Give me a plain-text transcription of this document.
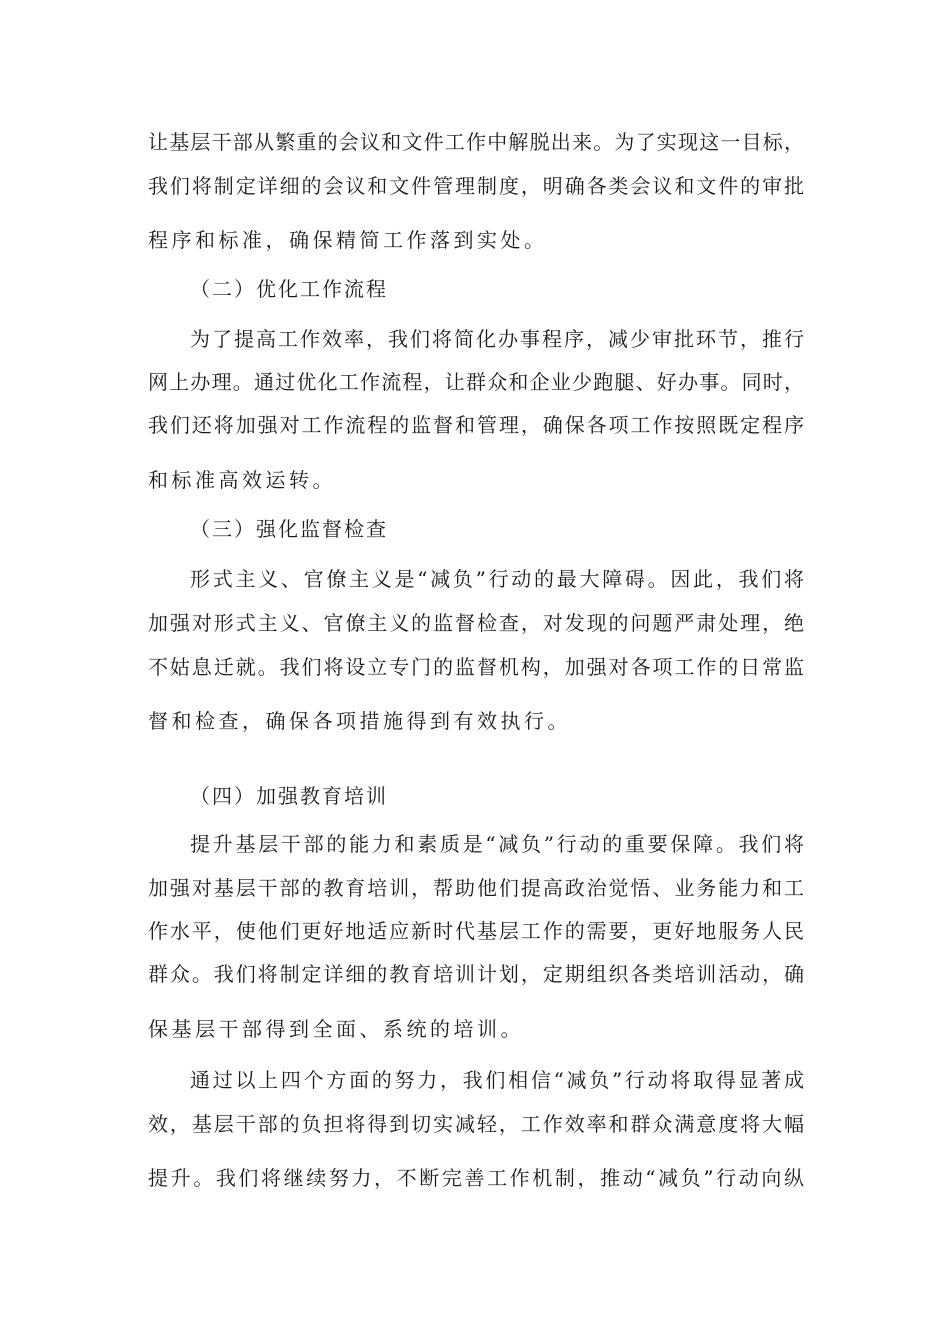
让基层干部从繁重的会议和文件工作中解脱出来。为了实现这一目标，
我们将制定详细的会议和文件管理制度，明确各类会议和文件的审批
程序和标准，确保精简工作落到实处。
（二）优化工作流程
为了提高工作效率，我们将简化办事程序，减少审批环节，推行
网上办理。通过优化工作流程，让群众和企业少跑腿、好办事。同时，
我们还将加强对工作流程的监督和管理，确保各项工作按照既定程序
和标准高效运转。
（三）强化监督检查
形式主义、官僚主义是“减负”行动的最大障碍。因此，我们将
加强对形式主义、官僚主义的监督检查，对发现的问题严肃处理，绝
不姑息迁就。我们将设立专门的监督机构，加强对各项工作的日常监
督和检查，确保各项措施得到有效执行。
（四）加强教育培训
提升基层干部的能力和素质是“减负”行动的重要保障。我们将
加强对基层干部的教育培训，帮助他们提高政治觉悟、业务能力和工
作水平，使他们更好地适应新时代基层工作的需要，更好地服务人民
群众。我们将制定详细的教育培训计划，定期组织各类培训活动，确
保基层干部得到全面、系统的培训。
通过以上四个方面的努力，我们相信“减负”行动将取得显著成
效，基层干部的负担将得到切实减轻，工作效率和群众满意度将大幅
提升。我们将继续努力，不断完善工作机制，推动“减负”行动向纵
